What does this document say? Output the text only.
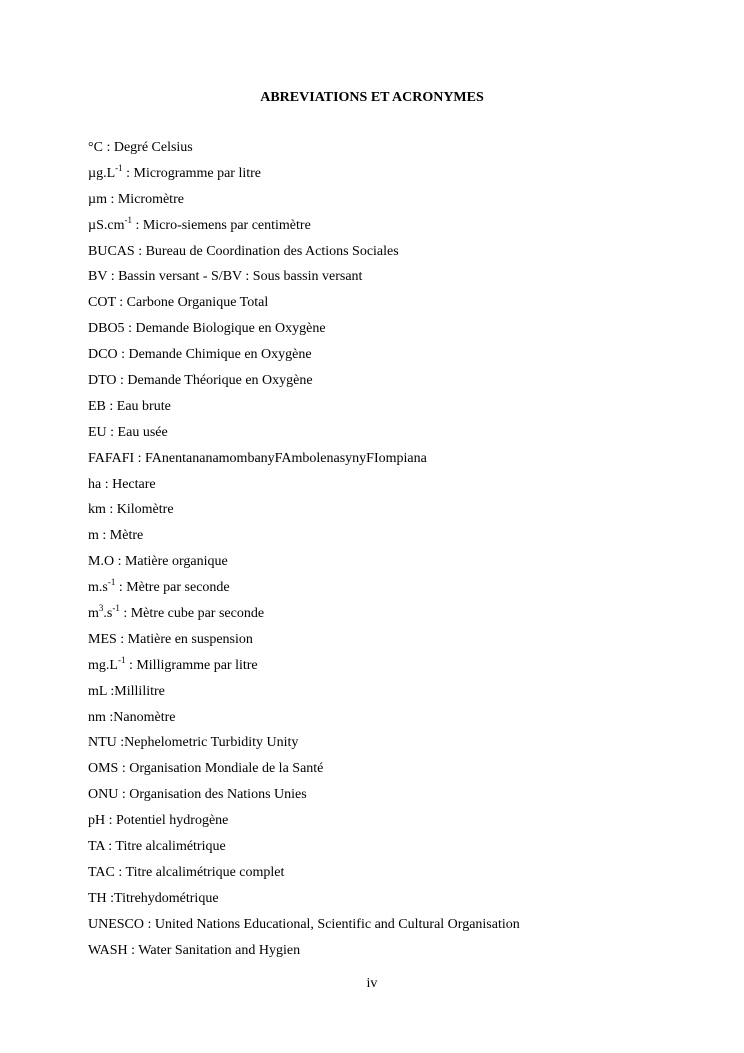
ABREVIATIONS ET ACRONYMES
°C : Degré Celsius
$\mu g.L^{-1}$ : Microgramme par litre
µm : Micromètre
$\mu S.cm^{-1}$ : Micro-siemens par centimètre
BUCAS : Bureau de Coordination des Actions Sociales
BV : Bassin versant - S/BV : Sous bassin versant
COT : Carbone Organique Total
DBO5 : Demande Biologique en Oxygène
DCO : Demande Chimique en Oxygène
DTO : Demande Théorique en Oxygène
EB : Eau brute
EU : Eau usée
FAFAFI : FAnentananamombanyFAmbolenasynyFIompiana
ha : Hectare
km : Kilomètre
m : Mètre
M.O : Matière organique
$m.s^{-1}$ : Mètre par seconde
$m^3.s^{-1}$ : Mètre cube par seconde
MES : Matière en suspension
$mg.L^{-1}$ : Milligramme par litre
mL :Millilitre
nm :Nanomètre
NTU :Nephelometric Turbidity Unity
OMS : Organisation Mondiale de la Santé
ONU : Organisation des Nations Unies
pH : Potentiel hydrogène
TA : Titre alcalimétrique
TAC : Titre alcalimétrique complet
TH :Titrehydométrique
UNESCO : United Nations Educational, Scientific and Cultural Organisation
WASH : Water Sanitation and Hygien
iv
